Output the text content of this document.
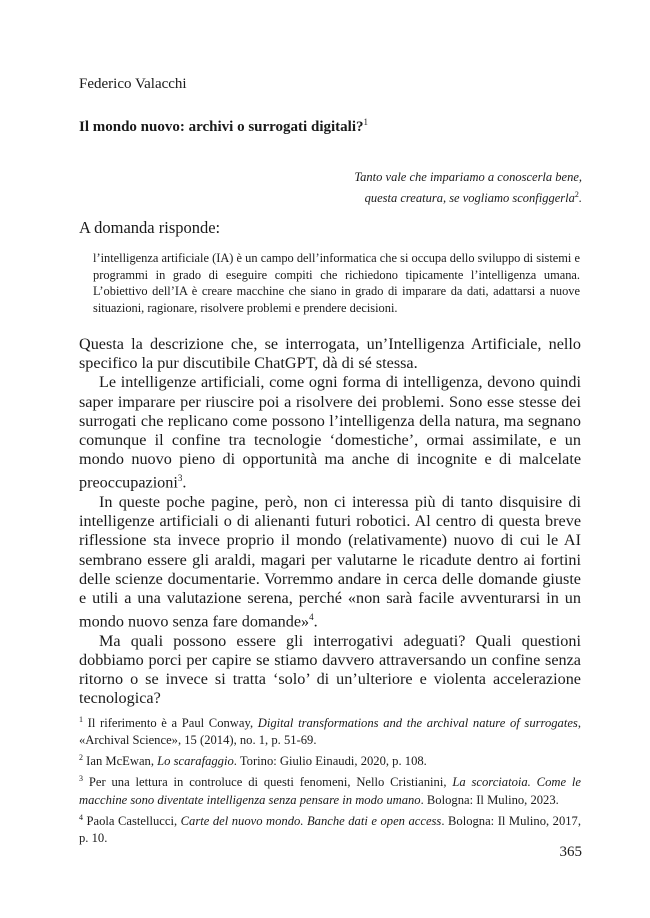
Federico Valacchi
Il mondo nuovo: archivi o surrogati digitali?$^1$
Tanto vale che impariamo a conoscerla bene,
questa creatura, se vogliamo sconfiggerla$^2$.
A domanda risponde:

l’intelligenza artificiale (IA) è un campo dell’informatica che si occupa dello sviluppo di sistemi e programmi in grado di eseguire compiti che richiedono tipicamente l’intelligenza umana. L’obiettivo dell’IA è creare macchine che siano in grado di imparare da dati, adattarsi a nuove situazioni, ragionare, risolvere problemi e prendere decisioni.

Questa la descrizione che, se interrogata, un’Intelligenza Artificiale, nello specifico la pur discutibile ChatGPT, dà di sé stessa.

Le intelligenze artificiali, come ogni forma di intelligenza, devono quindi saper imparare per riuscire poi a risolvere dei problemi. Sono esse stesse dei surrogati che replicano come possono l’intelligenza della natura, ma segnano comunque il confine tra tecnologie ‘domestiche’, ormai assimilate, e un mondo nuovo pieno di opportunità ma anche di incognite e di malcelate preoccupazioni$^3$.

In queste poche pagine, però, non ci interessa più di tanto disquisire di intelligenze artificiali o di alienanti futuri robotici. Al centro di questa breve riflessione sta invece proprio il mondo (relativamente) nuovo di cui le AI sembrano essere gli araldi, magari per valutarne le ricadute dentro ai fortini delle scienze documentarie. Vorremmo andare in cerca delle domande giuste e utili a una valutazione serena, perché «non sarà facile avventurarsi in un mondo nuovo senza fare domande»$^4$.

Ma quali possono essere gli interrogativi adeguati? Quali questioni dobbiamo porci per capire se stiamo davvero attraversando un confine senza ritorno o se invece si tratta ‘solo’ di un’ulteriore e violenta accelerazione tecnologica?

$^1$ Il riferimento è a Paul Conway, Digital transformations and the archival nature of surrogates, «Archival Science», 15 (2014), no. 1, p. 51-69.

$^2$ Ian McEwan, Lo scarafaggio. Torino: Giulio Einaudi, 2020, p. 108.

$^3$ Per una lettura in controluce di questi fenomeni, Nello Cristianini, La scorciatoia. Come le macchine sono diventate intelligenza senza pensare in modo umano. Bologna: Il Mulino, 2023.

$^4$ Paola Castellucci, Carte del nuovo mondo. Banche dati e open access. Bologna: Il Mulino, 2017, p. 10.

365
